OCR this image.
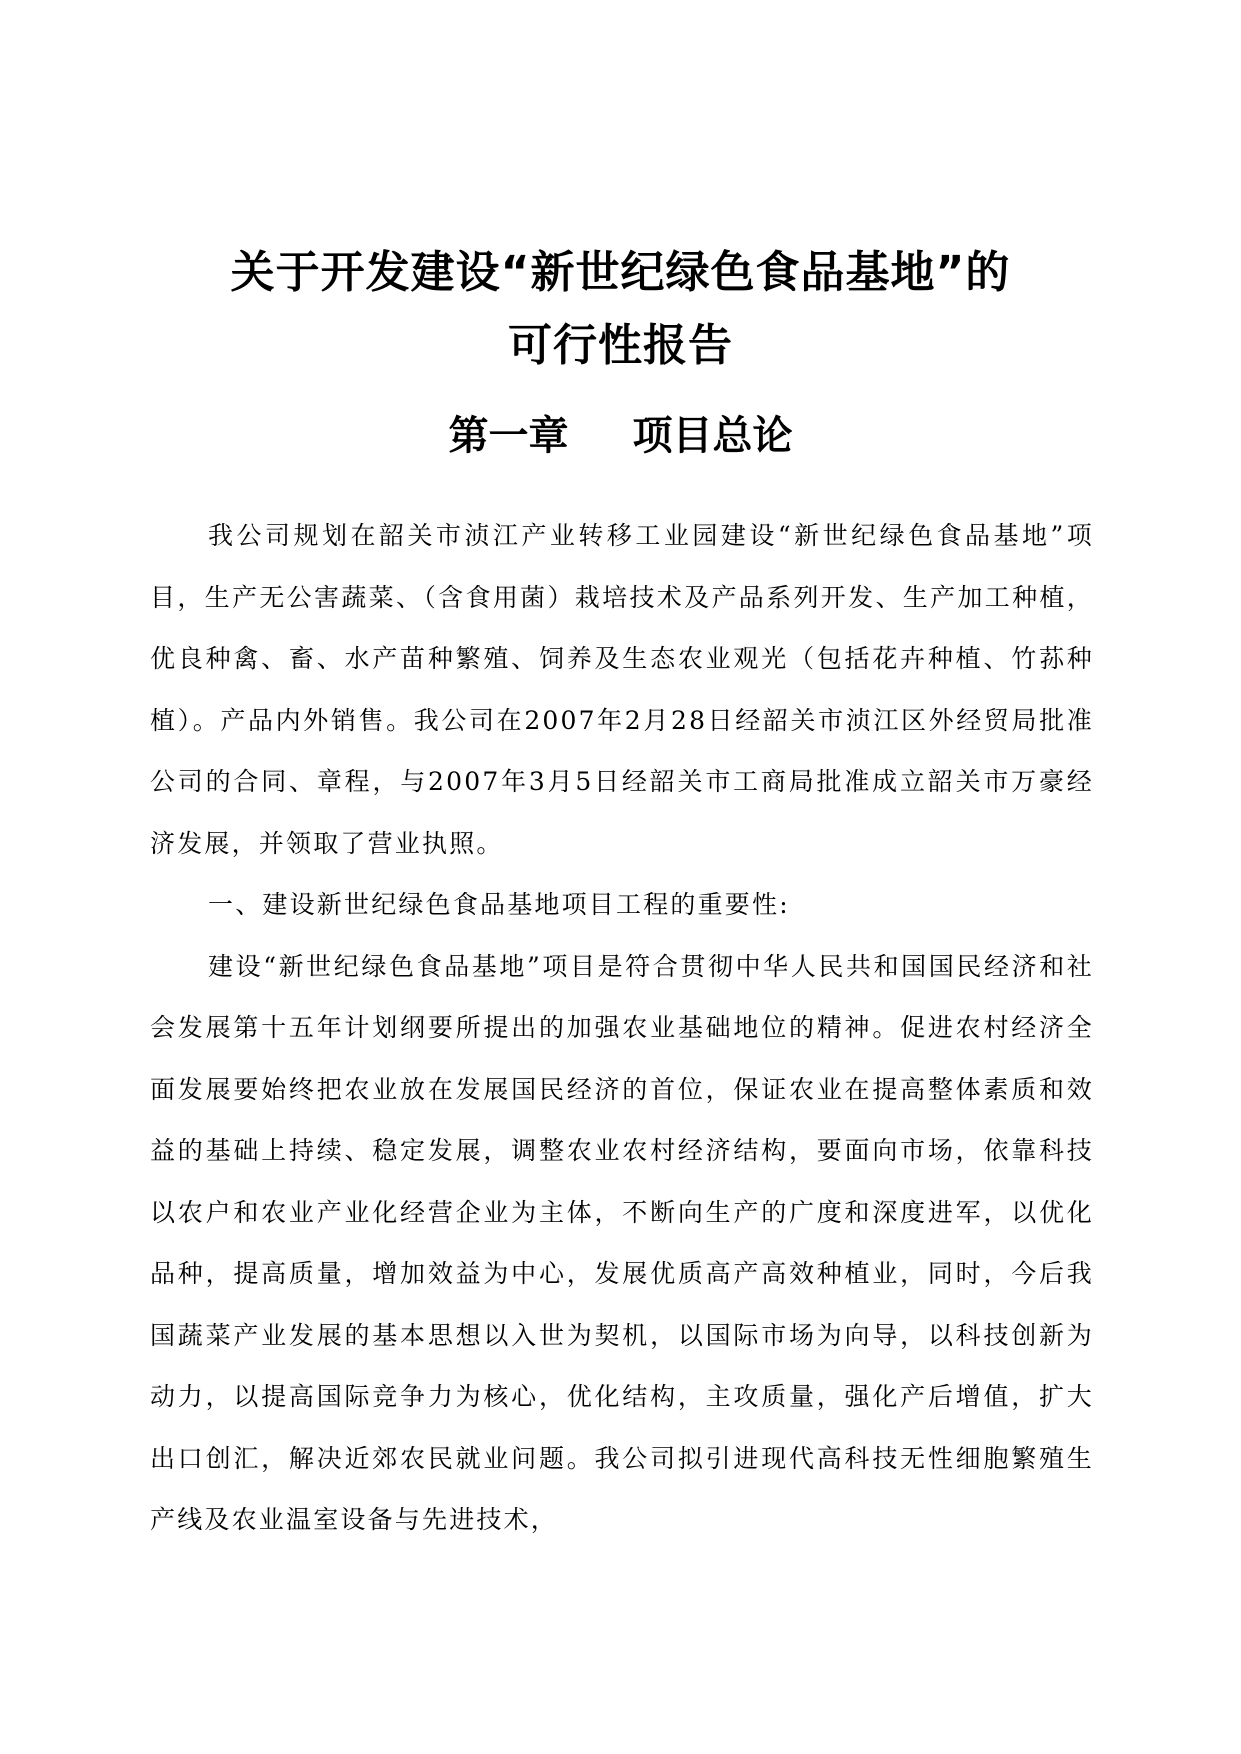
关于开发建设“新世纪绿色食品基地”的
可行性报告
第一章 项目总论

我公司规划在韶关市浈江产业转移工业园建设“新世纪绿色食品基地”项目，生产无公害蔬菜、（含食用菌）栽培技术及产品系列开发、生产加工种植，优良种禽、畜、水产苗种繁殖、饲养及生态农业观光（包括花卉种植、竹荪种植）。产品内外销售。我公司在2007年2月28日经韶关市浈江区外经贸局批准公司的合同、章程，与2007年3月5日经韶关市工商局批准成立韶关市万豪经济发展，并领取了营业执照。

一、建设新世纪绿色食品基地项目工程的重要性:

建设“新世纪绿色食品基地”项目是符合贯彻中华人民共和国国民经济和社会发展第十五年计划纲要所提出的加强农业基础地位的精神。促进农村经济全面发展要始终把农业放在发展国民经济的首位，保证农业在提高整体素质和效益的基础上持续、稳定发展，调整农业农村经济结构，要面向市场，依靠科技以农户和农业产业化经营企业为主体，不断向生产的广度和深度进军，以优化品种，提高质量，增加效益为中心，发展优质高产高效种植业，同时，今后我国蔬菜产业发展的基本思想以入世为契机，以国际市场为向导，以科技创新为动力，以提高国际竞争力为核心，优化结构，主攻质量，强化产后增值，扩大出口创汇，解决近郊农民就业问题。我公司拟引进现代高科技无性细胞繁殖生产线及农业温室设备与先进技术，
